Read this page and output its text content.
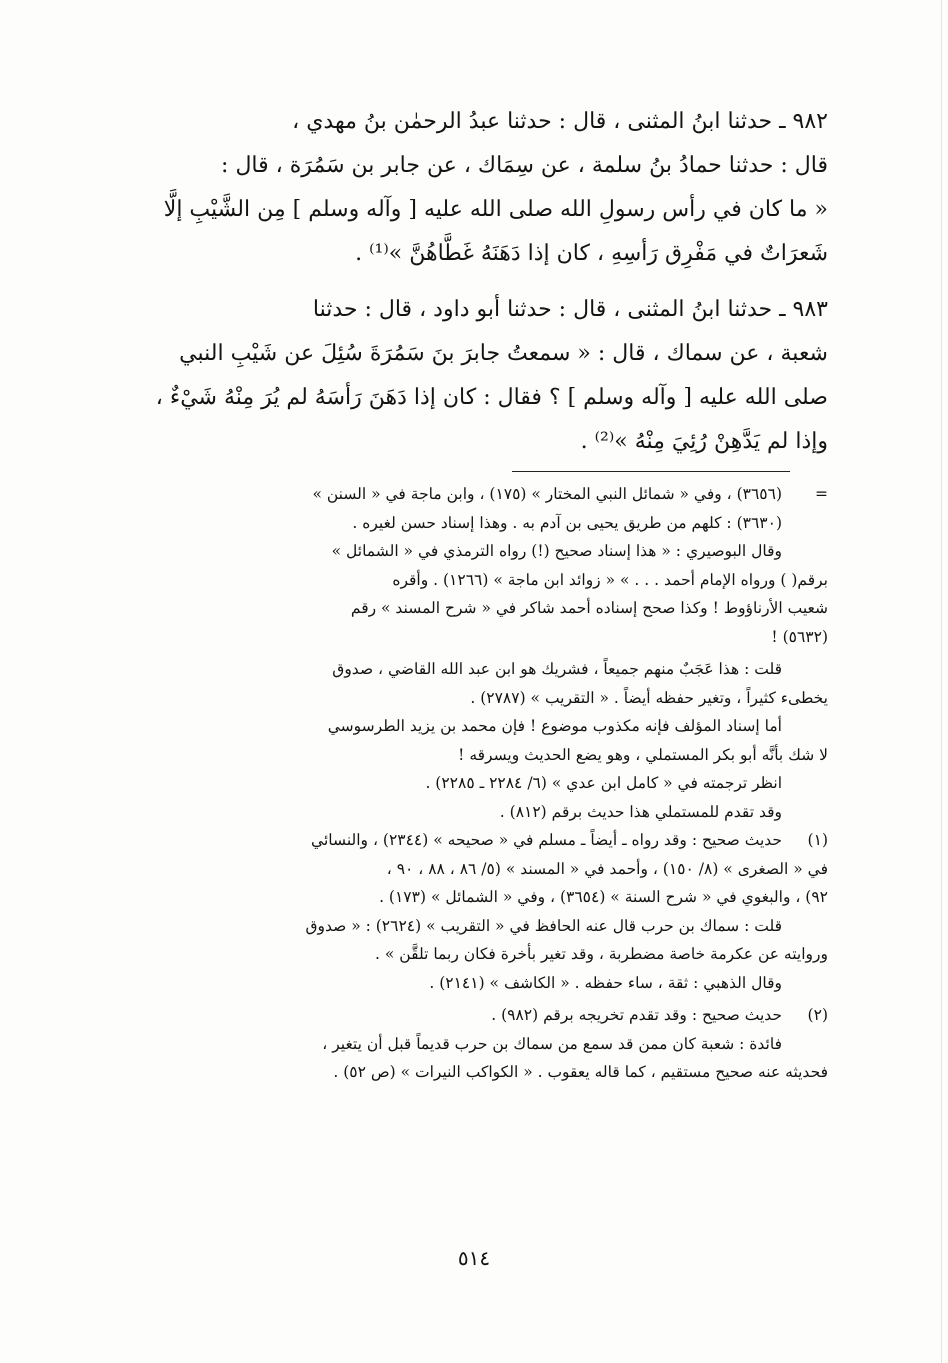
٩٨٢ ـ حدثنا ابنُ المثنى ، قال : حدثنا عبدُ الرحمٰن بنُ مهدي ،

قال : حدثنا حمادُ بنُ سلمة ، عن سِمَاك ، عن جابر بن سَمُرَة ، قال :

« ما كان في رأس رسولِ الله صلى الله عليه [ وآله وسلم ] مِن الشَّيْبِ إلَّا

شَعرَاتٌ في مَفْرِق رَأسِهِ ، كان إذا دَهَنَهُ غَطَّاهُنَّ »⁽¹⁾ .

٩٨٣ ـ حدثنا ابنُ المثنى ، قال : حدثنا أبو داود ، قال : حدثنا

شعبة ، عن سماك ، قال : « سمعتُ جابرَ بنَ سَمُرَةَ سُئِلَ عن شَيْبِ النبي

صلى الله عليه [ وآله وسلم ] ؟ فقال : كان إذا دَهَنَ رَأسَهُ لم يُرَ مِنْهُ شَيْءٌ ،

وإذا لم يَدَّهِنْ رُئِيَ مِنْهُ »⁽²⁾ .

=

(٣٦٥٦) ، وفي « شمائل النبي المختار » (١٧٥) ، وابن ماجة في « السنن »

(٣٦٣٠) : كلهم من طريق يحيى بن آدم به . وهذا إسناد حسن لغيره .

وقال البوصيري : « هذا إسناد صحيح (!) رواه الترمذي في « الشمائل »

برقم( ) ورواه الإمام أحمد . . . » « زوائد ابن ماجة » (١٢٦٦) . وأقره

شعيب الأرناؤوط ! وكذا صحح إسناده أحمد شاكر في « شرح المسند » رقم

(٥٦٣٢) !

قلت : هذا عَجَبٌ منهم جميعاً ، فشريك هو ابن عبد الله القاضي ، صدوق

يخطىء كثيراً ، وتغير حفظه أيضاً . « التقريب » (٢٧٨٧) .

أما إسناد المؤلف فإنه مكذوب موضوع ! فإن محمد بن يزيد الطرسوسي

لا شك بأنَّه أبو بكر المستملي ، وهو يضع الحديث ويسرقه !

انظر ترجمته في « كامل ابن عدي » (٦/ ٢٢٨٤ ـ ٢٢٨٥) .

وقد تقدم للمستملي هذا حديث برقم (٨١٢) .

(١)

حديث صحيح : وقد رواه ـ أيضاً ـ مسلم في « صحيحه » (٢٣٤٤) ، والنسائي

في « الصغرى » (٨/ ١٥٠) ، وأحمد في « المسند » (٥/ ٨٦ ، ٨٨ ، ٩٠ ،

٩٢) ، والبغوي في « شرح السنة » (٣٦٥٤) ، وفي « الشمائل » (١٧٣) .

قلت : سماك بن حرب قال عنه الحافظ في « التقريب » (٢٦٢٤) : « صدوق

وروايته عن عكرمة خاصة مضطربة ، وقد تغير بأخرة فكان ربما تلقَّن » .

وقال الذهبي : ثقة ، ساء حفظه . « الكاشف » (٢١٤١) .

(٢)

حديث صحيح : وقد تقدم تخريجه برقم (٩٨٢) .

فائدة : شعبة كان ممن قد سمع من سماك بن حرب قديماً قبل أن يتغير ،

فحديثه عنه صحيح مستقيم ، كما قاله يعقوب . « الكواكب النيرات » (ص ٥٢) .

٥١٤
